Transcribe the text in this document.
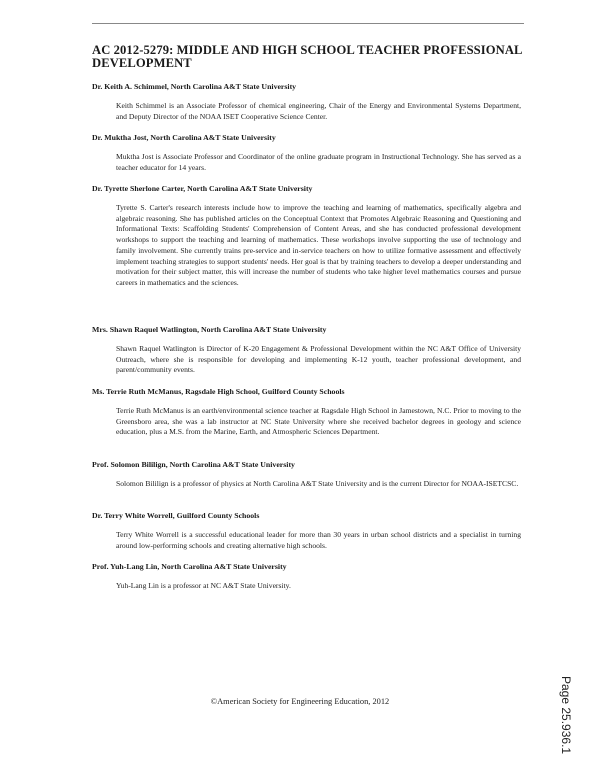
AC 2012-5279: MIDDLE AND HIGH SCHOOL TEACHER PROFESSIONAL DEVELOPMENT
Dr. Keith A. Schimmel, North Carolina A&T State University
Keith Schimmel is an Associate Professor of chemical engineering, Chair of the Energy and Environmental Systems Department, and Deputy Director of the NOAA ISET Cooperative Science Center.
Dr. Muktha Jost, North Carolina A&T State University
Muktha Jost is Associate Professor and Coordinator of the online graduate program in Instructional Technology. She has served as a teacher educator for 14 years.
Dr. Tyrette Sherlone Carter, North Carolina A&T State University
Tyrette S. Carter's research interests include how to improve the teaching and learning of mathematics, specifically algebra and algebraic reasoning. She has published articles on the Conceptual Context that Promotes Algebraic Reasoning and Questioning and Informational Texts: Scaffolding Students' Comprehension of Content Areas, and she has conducted professional development workshops to support the teaching and learning of mathematics. These workshops involve supporting the use of technology and family involvement. She currently trains pre-service and in-service teachers on how to utilize formative assessment and effectively implement teaching strategies to support students' needs. Her goal is that by training teachers to develop a deeper understanding and motivation for their subject matter, this will increase the number of students who take higher level mathematics courses and pursue careers in mathematics and the sciences.
Mrs. Shawn Raquel Watlington, North Carolina A&T State University
Shawn Raquel Watlington is Director of K-20 Engagement & Professional Development within the NC A&T Office of University Outreach, where she is responsible for developing and implementing K-12 youth, teacher professional development, and parent/community events.
Ms. Terrie Ruth McManus, Ragsdale High School, Guilford County Schools
Terrie Ruth McManus is an earth/environmental science teacher at Ragsdale High School in Jamestown, N.C. Prior to moving to the Greensboro area, she was a lab instructor at NC State University where she received bachelor degrees in geology and science education, plus a M.S. from the Marine, Earth, and Atmospheric Sciences Department.
Prof. Solomon Bililign, North Carolina A&T State University
Solomon Bililign is a professor of physics at North Carolina A&T State University and is the current Director for NOAA-ISETCSC.
Dr. Terry White Worrell, Guilford County Schools
Terry White Worrell is a successful educational leader for more than 30 years in urban school districts and a specialist in turning around low-performing schools and creating alternative high schools.
Prof. Yuh-Lang Lin, North Carolina A&T State University
Yuh-Lang Lin is a professor at NC A&T State University.
©American Society for Engineering Education, 2012	Page 25.936.1
